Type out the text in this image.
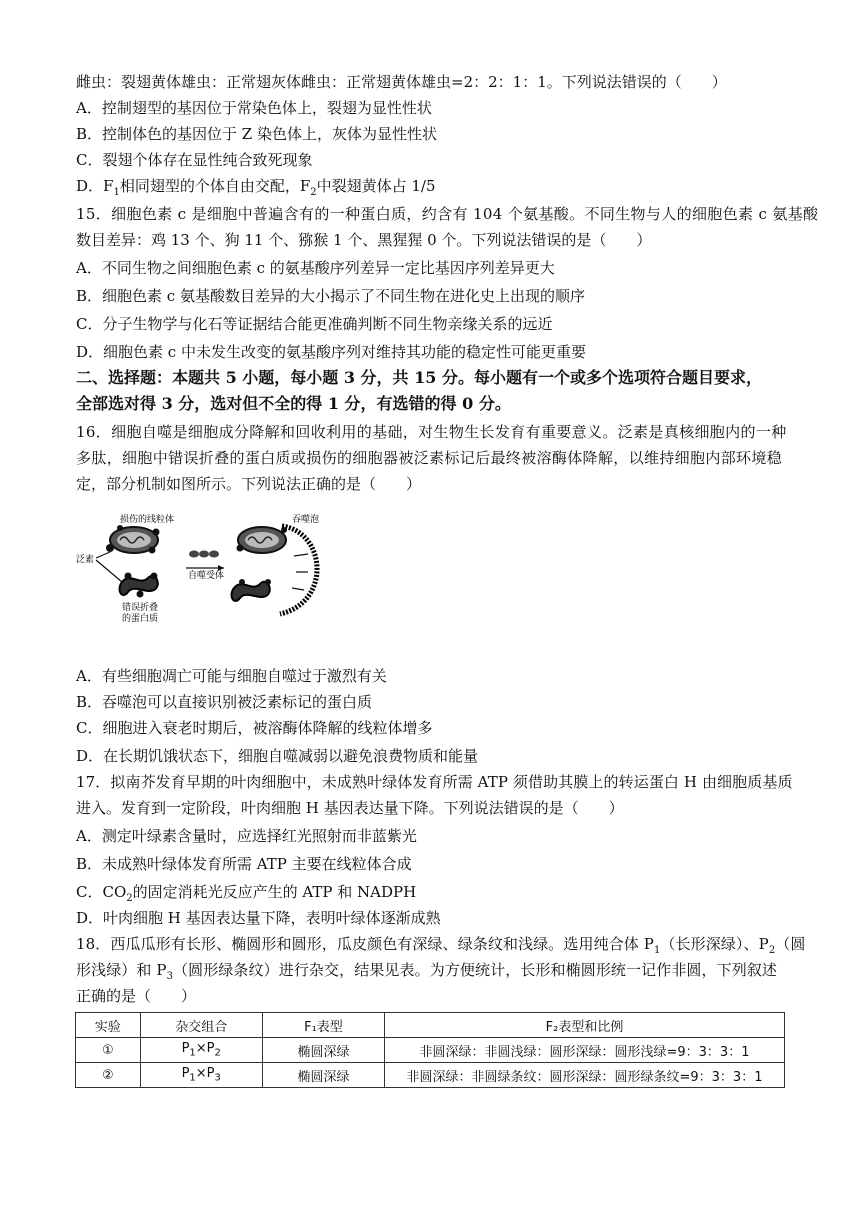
雌虫：裂翅黄体雄虫：正常翅灰体雌虫：正常翅黄体雄虫=2：2：1：1。下列说法错误的（　　）
A．控制翅型的基因位于常染色体上，裂翅为显性性状
B．控制体色的基因位于 Z 染色体上，灰体为显性性状
C．裂翅个体存在显性纯合致死现象
D．$F_1$相同翅型的个体自由交配，$F_2$中裂翅黄体占 1/5
15．细胞色素 c 是细胞中普遍含有的一种蛋白质，约含有 104 个氨基酸。不同生物与人的细胞色素 c 氨基酸
数目差异：鸡 13 个、狗 11 个、猕猴 1 个、黑猩猩 0 个。下列说法错误的是（　　）
A．不同生物之间细胞色素 c 的氨基酸序列差异一定比基因序列差异更大
B．细胞色素 c 氨基酸数目差异的大小揭示了不同生物在进化史上出现的顺序
C．分子生物学与化石等证据结合能更准确判断不同生物亲缘关系的远近
D．细胞色素 c 中未发生改变的氨基酸序列对维持其功能的稳定性可能更重要
二、选择题：本题共 5 小题，每小题 3 分，共 15 分。每小题有一个或多个选项符合题目要求，
全部选对得 3 分，选对但不全的得 1 分，有选错的得 0 分。
16．细胞自噬是细胞成分降解和回收利用的基础，对生物生长发育有重要意义。泛素是真核细胞内的一种
多肽，细胞中错误折叠的蛋白质或损伤的细胞器被泛素标记后最终被溶酶体降解，以维持细胞内部环境稳
定，部分机制如图所示。下列说法正确的是（　　）
损伤的线粒体
泛素
错误折叠
的蛋白质
自噬受体
吞噬泡
A．有些细胞凋亡可能与细胞自噬过于激烈有关
B．吞噬泡可以直接识别被泛素标记的蛋白质
C．细胞进入衰老时期后，被溶酶体降解的线粒体增多
D．在长期饥饿状态下，细胞自噬减弱以避免浪费物质和能量
17．拟南芥发育早期的叶肉细胞中，未成熟叶绿体发育所需 ATP 须借助其膜上的转运蛋白 H 由细胞质基质
进入。发育到一定阶段，叶肉细胞 H 基因表达量下降。下列说法错误的是（　　）
A．测定叶绿素含量时，应选择红光照射而非蓝紫光
B．未成熟叶绿体发育所需 ATP 主要在线粒体合成
C．$CO_2$的固定消耗光反应产生的 ATP 和 NADPH
D．叶肉细胞 H 基因表达量下降，表明叶绿体逐渐成熟
18．西瓜瓜形有长形、椭圆形和圆形，瓜皮颜色有深绿、绿条纹和浅绿。选用纯合体 $P_1$（长形深绿）、$P_2$（圆
形浅绿）和 $P_3$（圆形绿条纹）进行杂交，结果见表。为方便统计，长形和椭圆形统一记作非圆，下列叙述
正确的是（　　）
实验	杂交组合	F₁表型	F₂表型和比例
①	$P_1\times P_2$	椭圆深绿	非圆深绿：非圆浅绿：圆形深绿：圆形浅绿=9：3：3：1
②	$P_1\times P_3$	椭圆深绿	非圆深绿：非圆绿条纹：圆形深绿：圆形绿条纹=9：3：3：1
